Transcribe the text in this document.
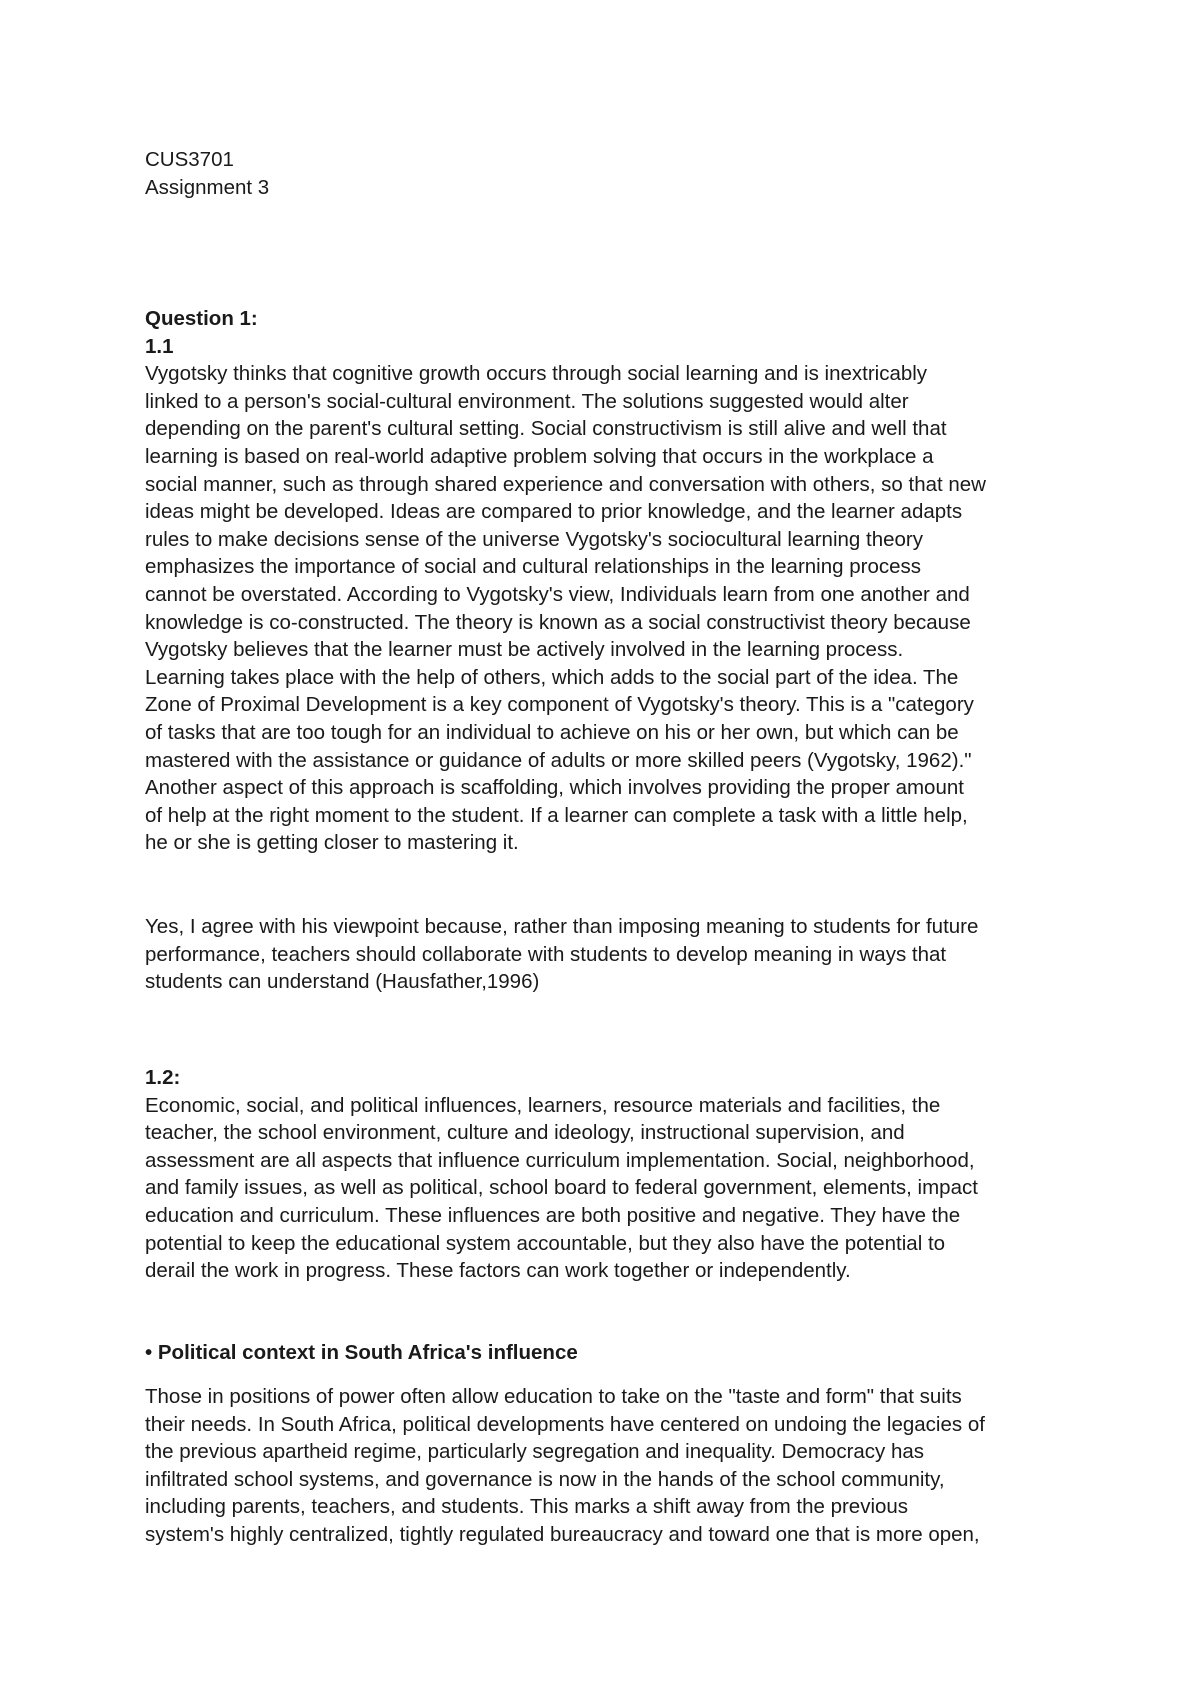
CUS3701
Assignment 3
Question 1:
1.1
Vygotsky thinks that cognitive growth occurs through social learning and is inextricably
linked to a person's social-cultural environment. The solutions suggested would alter
depending on the parent's cultural setting. Social constructivism is still alive and well that
learning is based on real-world adaptive problem solving that occurs in the workplace a
social manner, such as through shared experience and conversation with others, so that new
ideas might be developed. Ideas are compared to prior knowledge, and the learner adapts
rules to make decisions sense of the universe Vygotsky's sociocultural learning theory
emphasizes the importance of social and cultural relationships in the learning process
cannot be overstated. According to Vygotsky's view, Individuals learn from one another and
knowledge is co-constructed. The theory is known as a social constructivist theory because
Vygotsky believes that the learner must be actively involved in the learning process.
Learning takes place with the help of others, which adds to the social part of the idea. The
Zone of Proximal Development is a key component of Vygotsky's theory. This is a "category
of tasks that are too tough for an individual to achieve on his or her own, but which can be
mastered with the assistance or guidance of adults or more skilled peers (Vygotsky, 1962)."
Another aspect of this approach is scaffolding, which involves providing the proper amount
of help at the right moment to the student. If a learner can complete a task with a little help,
he or she is getting closer to mastering it.
Yes, I agree with his viewpoint because, rather than imposing meaning to students for future
performance, teachers should collaborate with students to develop meaning in ways that
students can understand (Hausfather,1996)
1.2:
Economic, social, and political influences, learners, resource materials and facilities, the
teacher, the school environment, culture and ideology, instructional supervision, and
assessment are all aspects that influence curriculum implementation. Social, neighborhood,
and family issues, as well as political, school board to federal government, elements, impact
education and curriculum. These influences are both positive and negative. They have the
potential to keep the educational system accountable, but they also have the potential to
derail the work in progress. These factors can work together or independently.
• Political context in South Africa's influence
Those in positions of power often allow education to take on the "taste and form" that suits
their needs. In South Africa, political developments have centered on undoing the legacies of
the previous apartheid regime, particularly segregation and inequality. Democracy has
infiltrated school systems, and governance is now in the hands of the school community,
including parents, teachers, and students. This marks a shift away from the previous
system's highly centralized, tightly regulated bureaucracy and toward one that is more open,
